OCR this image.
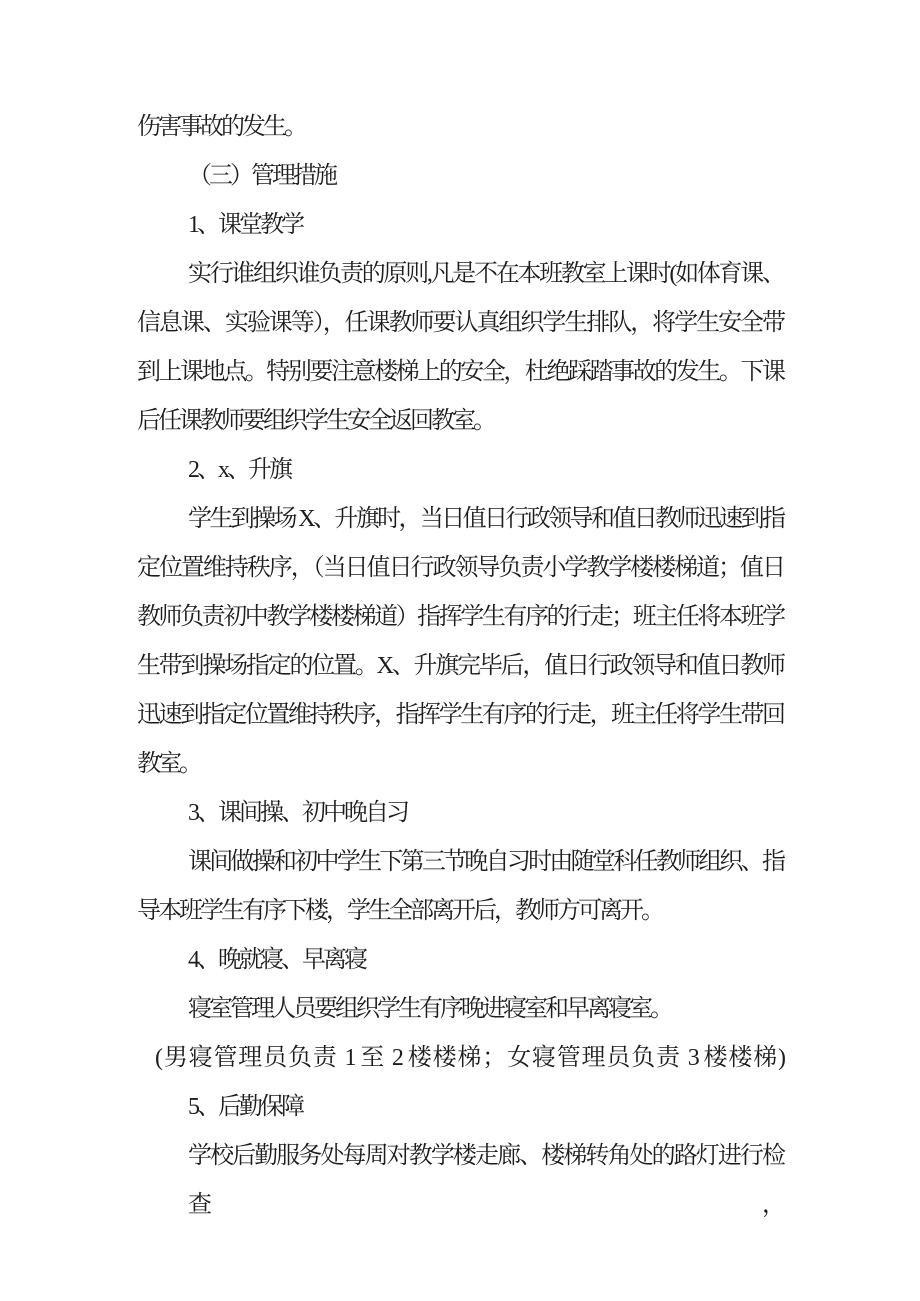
伤害事故的发生。
（三）管理措施
1、课堂教学
实行谁组织谁负责的原则,凡是不在本班教室上课时(如体育课、
信息课、实验课等），任课教师要认真组织学生排队，将学生安全带
到上课地点。特别要注意楼梯上的安全，杜绝踩踏事故的发生。下课
后任课教师要组织学生安全返回教室。
2、x、升旗
学生到操场 X、升旗时，当日值日行政领导和值日教师迅速到指
定位置维持秩序，（当日值日行政领导负责小学教学楼楼梯道；值日
教师负责初中教学楼楼梯道）指挥学生有序的行走；班主任将本班学
生带到操场指定的位置。X、升旗完毕后，值日行政领导和值日教师
迅速到指定位置维持秩序，指挥学生有序的行走，班主任将学生带回
教室。
3、课间操、初中晚自习
课间做操和初中学生下第三节晚自习时由随堂科任教师组织、指
导本班学生有序下楼，学生全部离开后，教师方可离开。
4、晚就寝、早离寝
寝室管理人员要组织学生有序晚进寝室和早离寝室。
(男寝管理员负责 1 至 2 楼楼梯；女寝管理员负责 3 楼楼梯)
5、后勤保障
学校后勤服务处每周对教学楼走廊、楼梯转角处的路灯进行检查，
